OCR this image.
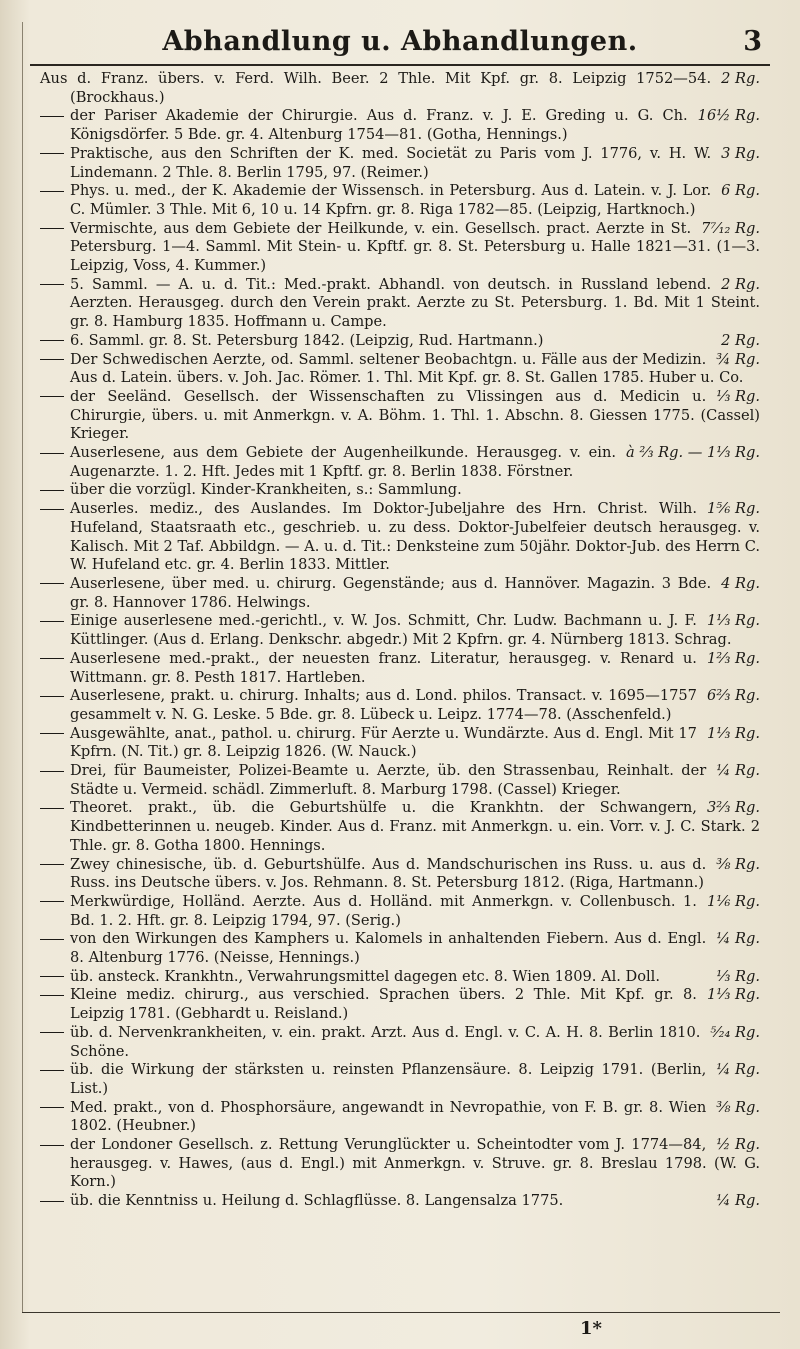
Abhandlung u. Abhandlungen.	3
2 Rg.
Aus d. Franz. übers. v. Ferd. Wilh. Beer. 2 Thle. Mit Kpf. gr. 8. Leipzig 1752—54. (Brockhaus.)
16½ Rg.
der Pariser Akademie der Chirurgie. Aus d. Franz. v. J. E. Greding u. G. Ch. Königsdörfer. 5 Bde. gr. 4. Altenburg 1754—81. (Gotha, Hennings.)
3 Rg.
Praktische, aus den Schriften der K. med. Societät zu Paris vom J. 1776, v. H. W. Lindemann. 2 Thle. 8. Berlin 1795, 97. (Reimer.)
6 Rg.
Phys. u. med., der K. Akademie der Wissensch. in Petersburg. Aus d. Latein. v. J. Lor. C. Mümler. 3 Thle. Mit 6, 10 u. 14 Kpfrn. gr. 8. Riga 1782—85. (Leipzig, Hartknoch.)
7⁷⁄₁₂ Rg.
Vermischte, aus dem Gebiete der Heilkunde, v. ein. Gesellsch. pract. Aerzte in St. Petersburg. 1—4. Samml. Mit Stein- u. Kpftf. gr. 8. St. Petersburg u. Halle 1821—31. (1—3. Leipzig, Voss, 4. Kummer.)
2 Rg.
5. Samml. — A. u. d. Tit.: Med.-prakt. Abhandl. von deutsch. in Russland lebend. Aerzten. Herausgeg. durch den Verein prakt. Aerzte zu St. Petersburg. 1. Bd. Mit 1 Steint. gr. 8. Hamburg 1835. Hoffmann u. Campe.
2 Rg.
6. Samml. gr. 8. St. Petersburg 1842. (Leipzig, Rud. Hartmann.)
¾ Rg.
Der Schwedischen Aerzte, od. Samml. seltener Beobachtgn. u. Fälle aus der Medizin. Aus d. Latein. übers. v. Joh. Jac. Römer. 1. Thl. Mit Kpf. gr. 8. St. Gallen 1785. Huber u. Co.
⅓ Rg.
der Seeländ. Gesellsch. der Wissenschaften zu Vlissingen aus d. Medicin u. Chirurgie, übers. u. mit Anmerkgn. v. A. Böhm. 1. Thl. 1. Abschn. 8. Giessen 1775. (Cassel) Krieger.
à ⅔ Rg. — 1⅓ Rg.
Auserlesene, aus dem Gebiete der Augenheilkunde. Herausgeg. v. ein. Augenarzte. 1. 2. Hft. Jedes mit 1 Kpftf. gr. 8. Berlin 1838. Förstner.
über die vorzügl. Kinder-Krankheiten, s.: Sammlung.
1⅚ Rg.
Auserles. mediz., des Auslandes. Im Doktor-Jubeljahre des Hrn. Christ. Wilh. Hufeland, Staatsraath etc., geschrieb. u. zu dess. Doktor-Jubelfeier deutsch herausgeg. v. Kalisch. Mit 2 Taf. Abbildgn. — A. u. d. Tit.: Denksteine zum 50jähr. Doktor-Jub. des Herrn C. W. Hufeland etc. gr. 4. Berlin 1833. Mittler.
4 Rg.
Auserlesene, über med. u. chirurg. Gegenstände; aus d. Hannöver. Magazin. 3 Bde. gr. 8. Hannover 1786. Helwings.
1⅓ Rg.
Einige auserlesene med.-gerichtl., v. W. Jos. Schmitt, Chr. Ludw. Bachmann u. J. F. Küttlinger. (Aus d. Erlang. Denkschr. abgedr.) Mit 2 Kpfrn. gr. 4. Nürnberg 1813. Schrag.
1⅔ Rg.
Auserlesene med.-prakt., der neuesten franz. Literatur, herausgeg. v. Renard u. Wittmann. gr. 8. Pesth 1817. Hartleben.
6⅔ Rg.
Auserlesene, prakt. u. chirurg. Inhalts; aus d. Lond. philos. Transact. v. 1695—1757 gesammelt v. N. G. Leske. 5 Bde. gr. 8. Lübeck u. Leipz. 1774—78. (Asschenfeld.)
1⅓ Rg.
Ausgewählte, anat., pathol. u. chirurg. Für Aerzte u. Wundärzte. Aus d. Engl. Mit 17 Kpfrn. (N. Tit.) gr. 8. Leipzig 1826. (W. Nauck.)
¼ Rg.
Drei, für Baumeister, Polizei-Beamte u. Aerzte, üb. den Strassenbau, Reinhalt. der Städte u. Vermeid. schädl. Zimmerluft. 8. Marburg 1798. (Cassel) Krieger.
3⅔ Rg.
Theoret. prakt., üb. die Geburtshülfe u. die Krankhtn. der Schwangern, Kindbetterinnen u. neugeb. Kinder. Aus d. Franz. mit Anmerkgn. u. ein. Vorr. v. J. C. Stark. 2 Thle. gr. 8. Gotha 1800. Hennings.
⅜ Rg.
Zwey chinesische, üb. d. Geburtshülfe. Aus d. Mandschurischen ins Russ. u. aus d. Russ. ins Deutsche übers. v. Jos. Rehmann. 8. St. Petersburg 1812. (Riga, Hartmann.)
1⅙ Rg.
Merkwürdige, Holländ. Aerzte. Aus d. Holländ. mit Anmerkgn. v. Collenbusch. 1. Bd. 1. 2. Hft. gr. 8. Leipzig 1794, 97. (Serig.)
¼ Rg.
von den Wirkungen des Kamphers u. Kalomels in anhaltenden Fiebern. Aus d. Engl. 8. Altenburg 1776. (Neisse, Hennings.)
⅓ Rg.
üb. ansteck. Krankhtn., Verwahrungsmittel dagegen etc. 8. Wien 1809. Al. Doll.
1⅓ Rg.
Kleine mediz. chirurg., aus verschied. Sprachen übers. 2 Thle. Mit Kpf. gr. 8. Leipzig 1781. (Gebhardt u. Reisland.)
⁵⁄₂₄ Rg.
üb. d. Nervenkrankheiten, v. ein. prakt. Arzt. Aus d. Engl. v. C. A. H. 8. Berlin 1810. Schöne.
¼ Rg.
üb. die Wirkung der stärksten u. reinsten Pflanzensäure. 8. Leipzig 1791. (Berlin, List.)
⅜ Rg.
Med. prakt., von d. Phosphorsäure, angewandt in Nevropathie, von F. B. gr. 8. Wien 1802. (Heubner.)
½ Rg.
der Londoner Gesellsch. z. Rettung Verunglückter u. Scheintodter vom J. 1774—84, herausgeg. v. Hawes, (aus d. Engl.) mit Anmerkgn. v. Struve. gr. 8. Breslau 1798. (W. G. Korn.)
¼ Rg.
üb. die Kenntniss u. Heilung d. Schlagflüsse. 8. Langensalza 1775.
1*
